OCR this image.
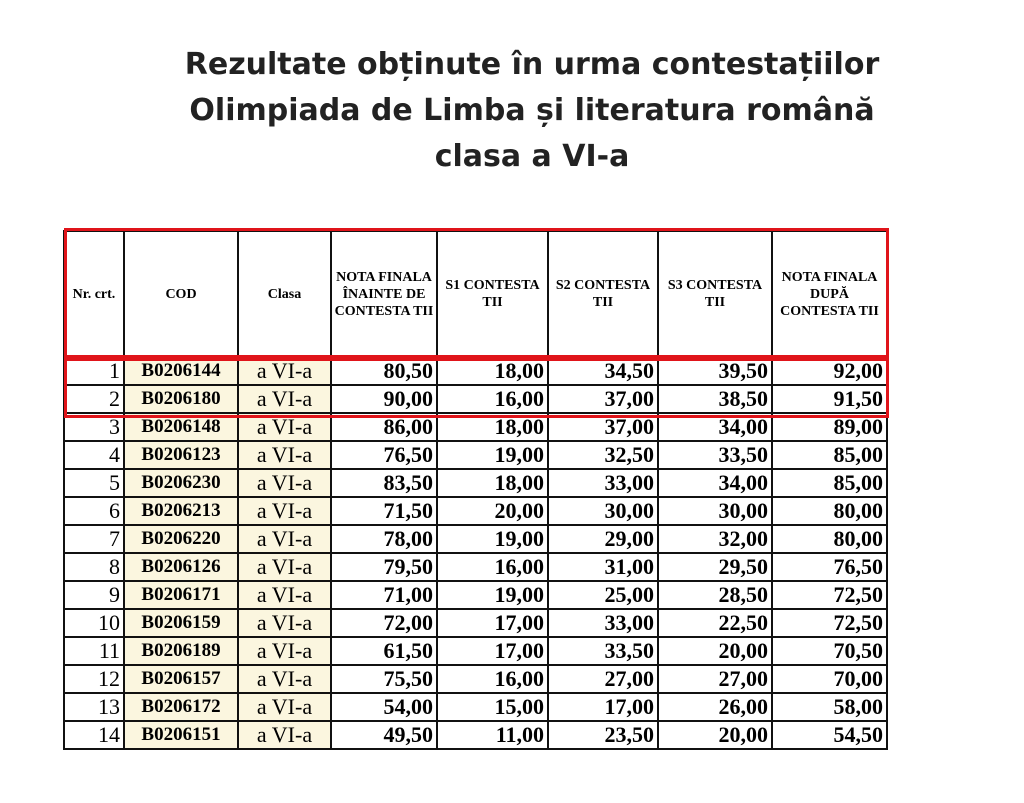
Rezultate obținute în urma contestațiilor
Olimpiada de Limba și literatura română
clasa a VI-a
Nr. crt.	COD	Clasa	NOTA FINALA ÎNAINTE DE CONTESTA TII	S1 CONTESTA TII	S2 CONTESTA TII	S3 CONTESTA TII	NOTA FINALA DUPĂ CONTESTA TII
1	B0206144	a VI-a	80,50	18,00	34,50	39,50	92,00
2	B0206180	a VI-a	90,00	16,00	37,00	38,50	91,50
3	B0206148	a VI-a	86,00	18,00	37,00	34,00	89,00
4	B0206123	a VI-a	76,50	19,00	32,50	33,50	85,00
5	B0206230	a VI-a	83,50	18,00	33,00	34,00	85,00
6	B0206213	a VI-a	71,50	20,00	30,00	30,00	80,00
7	B0206220	a VI-a	78,00	19,00	29,00	32,00	80,00
8	B0206126	a VI-a	79,50	16,00	31,00	29,50	76,50
9	B0206171	a VI-a	71,00	19,00	25,00	28,50	72,50
10	B0206159	a VI-a	72,00	17,00	33,00	22,50	72,50
11	B0206189	a VI-a	61,50	17,00	33,50	20,00	70,50
12	B0206157	a VI-a	75,50	16,00	27,00	27,00	70,00
13	B0206172	a VI-a	54,00	15,00	17,00	26,00	58,00
14	B0206151	a VI-a	49,50	11,00	23,50	20,00	54,50
